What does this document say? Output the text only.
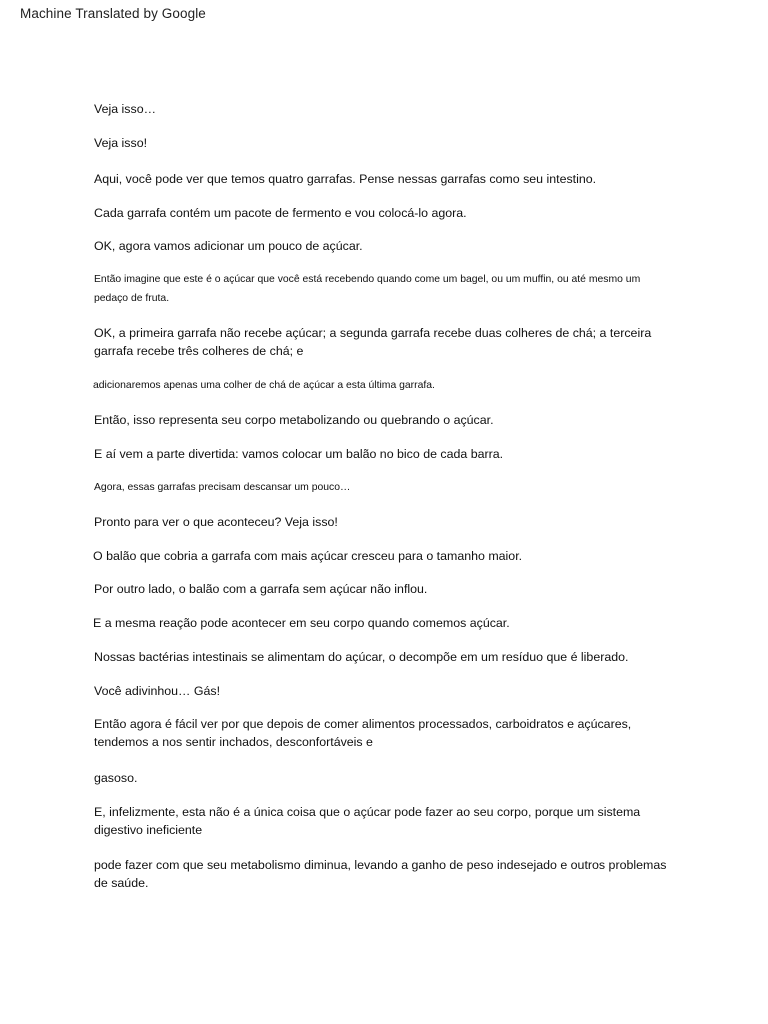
Machine Translated by Google

Veja isso…

Veja isso!

Aqui, você pode ver que temos quatro garrafas. Pense nessas garrafas como seu intestino.

Cada garrafa contém um pacote de fermento e vou colocá-lo agora.

OK, agora vamos adicionar um pouco de açúcar.

Então imagine que este é o açúcar que você está recebendo quando come um bagel, ou um muffin, ou até mesmo um pedaço de fruta.

OK, a primeira garrafa não recebe açúcar; a segunda garrafa recebe duas colheres de chá; a terceira garrafa recebe três colheres de chá; e

adicionaremos apenas uma colher de chá de açúcar a esta última garrafa.

Então, isso representa seu corpo metabolizando ou quebrando o açúcar.

E aí vem a parte divertida: vamos colocar um balão no bico de cada barra.

Agora, essas garrafas precisam descansar um pouco…

Pronto para ver o que aconteceu? Veja isso!

O balão que cobria a garrafa com mais açúcar cresceu para o tamanho maior.

Por outro lado, o balão com a garrafa sem açúcar não inflou.

E a mesma reação pode acontecer em seu corpo quando comemos açúcar.

Nossas bactérias intestinais se alimentam do açúcar, o decompõe em um resíduo que é liberado.

Você adivinhou… Gás!

Então agora é fácil ver por que depois de comer alimentos processados, carboidratos e açúcares, tendemos a nos sentir inchados, desconfortáveis e

gasoso.

E, infelizmente, esta não é a única coisa que o açúcar pode fazer ao seu corpo, porque um sistema digestivo ineficiente

pode fazer com que seu metabolismo diminua, levando a ganho de peso indesejado e outros problemas de saúde.
